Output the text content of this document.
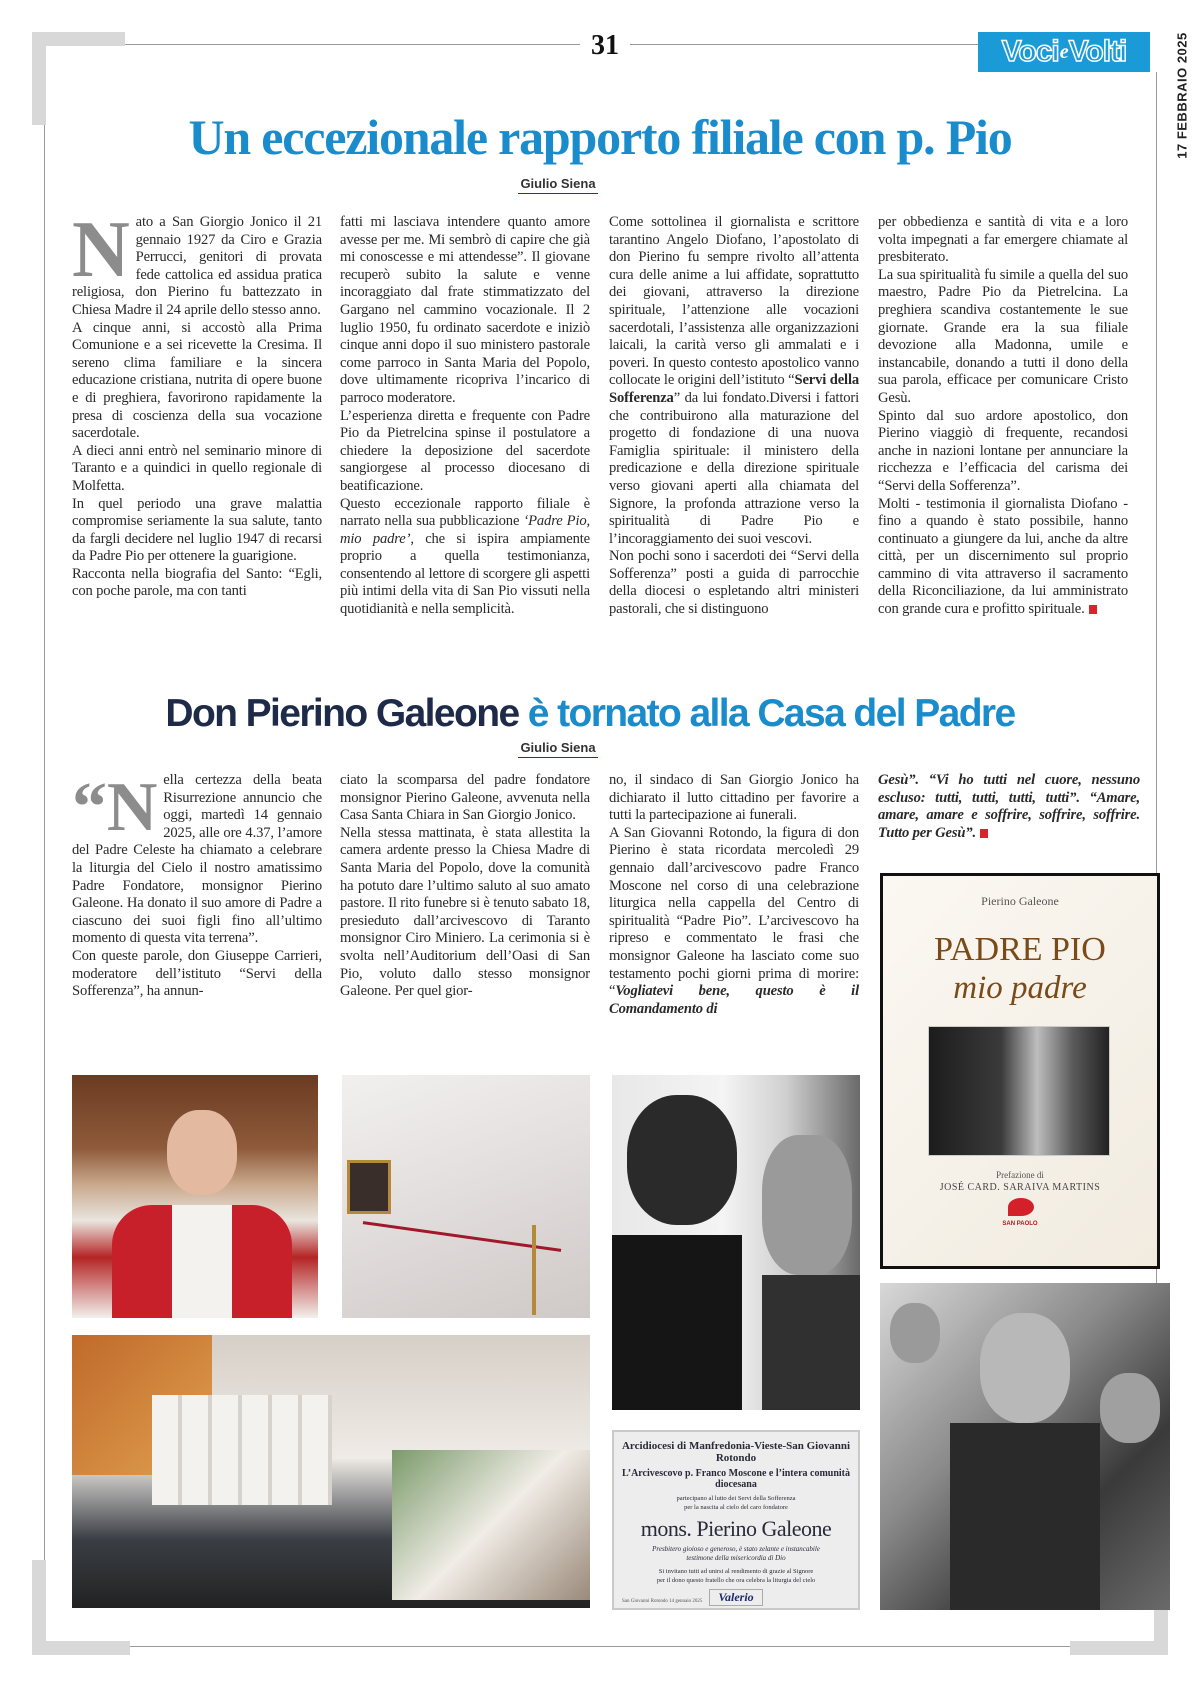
31	Voci e Volti	17 FEBBRAIO 2025
Un eccezionale rapporto filiale con p. Pio
Giulio Siena

Nato a San Giorgio Jonico il 21 gennaio 1927 da Ciro e Grazia Perrucci, genitori di provata fede cattolica ed assidua pratica religiosa, don Pierino fu battezzato in Chiesa Madre il 24 aprile dello stesso anno.

A cinque anni, si accostò alla Prima Comunione e a sei ricevette la Cresima. Il sereno clima familiare e la sincera educazione cristiana, nutrita di opere buone e di preghiera, favorirono rapidamente la presa di coscienza della sua vocazione sacerdotale.

A dieci anni entrò nel seminario minore di Taranto e a quindici in quello regionale di Molfetta.

In quel periodo una grave malattia compromise seriamente la sua salute, tanto da fargli decidere nel luglio 1947 di recarsi da Padre Pio per ottenere la guarigione.

Racconta nella biografia del Santo: “Egli, con poche parole, ma con tanti

fatti mi lasciava intendere quanto amore avesse per me. Mi sembrò di capire che già mi conoscesse e mi attendesse”. Il giovane recuperò subito la salute e venne incoraggiato dal frate stimmatizzato del Gargano nel cammino vocazionale. Il 2 luglio 1950, fu ordinato sacerdote e iniziò cinque anni dopo il suo ministero pastorale come parroco in Santa Maria del Popolo, dove ultimamente ricopriva l’incarico di parroco moderatore.

L’esperienza diretta e frequente con Padre Pio da Pietrelcina spinse il postulatore a chiedere la deposizione del sacerdote sangiorgese al processo diocesano di beatificazione.

Questo eccezionale rapporto filiale è narrato nella sua pubblicazione ‘Padre Pio, mio padre’, che si ispira ampiamente proprio a quella testimonianza, consentendo al lettore di scorgere gli aspetti più intimi della vita di San Pio vissuti nella quotidianità e nella semplicità.

Come sottolinea il giornalista e scrittore tarantino Angelo Diofano, l’apostolato di don Pierino fu sempre rivolto all’attenta cura delle anime a lui affidate, soprattutto dei giovani, attraverso la direzione spirituale, l’attenzione alle vocazioni sacerdotali, l’assistenza alle organizzazioni laicali, la carità verso gli ammalati e i poveri. In questo contesto apostolico vanno collocate le origini dell’istituto “Servi della Sofferenza” da lui fondato.Diversi i fattori che contribuirono alla maturazione del progetto di fondazione di una nuova Famiglia spirituale: il ministero della predicazione e della direzione spirituale verso giovani aperti alla chiamata del Signore, la profonda attrazione verso la spiritualità di Padre Pio e l’incoraggiamento dei suoi vescovi.

Non pochi sono i sacerdoti dei “Servi della Sofferenza” posti a guida di parrocchie della diocesi o espletando altri ministeri pastorali, che si distinguono

per obbedienza e santità di vita e a loro volta impegnati a far emergere chiamate al presbiterato.

La sua spiritualità fu simile a quella del suo maestro, Padre Pio da Pietrelcina. La preghiera scandiva costantemente le sue giornate. Grande era la sua filiale devozione alla Madonna, umile e instancabile, donando a tutti il dono della sua parola, efficace per comunicare Cristo Gesù.

Spinto dal suo ardore apostolico, don Pierino viaggiò di frequente, recandosi anche in nazioni lontane per annunciare la ricchezza e l’efficacia del carisma dei “Servi della Sofferenza”.

Molti - testimonia il giornalista Diofano - fino a quando è stato possibile, hanno continuato a giungere da lui, anche da altre città, per un discernimento sul proprio cammino di vita attraverso il sacramento della Riconciliazione, da lui amministrato con grande cura e profitto spirituale.

Don Pierino Galeone è tornato alla Casa del Padre
Giulio Siena

“Nella certezza della beata Risurrezione annuncio che oggi, martedì 14 gennaio 2025, alle ore 4.37, l’amore del Padre Celeste ha chiamato a celebrare la liturgia del Cielo il nostro amatissimo Padre Fondatore, monsignor Pierino Galeone. Ha donato il suo amore di Padre a ciascuno dei suoi figli fino all’ultimo momento di questa vita terrena”.

Con queste parole, don Giuseppe Carrieri, moderatore dell’istituto “Servi della Sofferenza”, ha annun-

ciato la scomparsa del padre fondatore monsignor Pierino Galeone, avvenuta nella Casa Santa Chiara in San Giorgio Jonico.

Nella stessa mattinata, è stata allestita la camera ardente presso la Chiesa Madre di Santa Maria del Popolo, dove la comunità ha potuto dare l’ultimo saluto al suo amato pastore. Il rito funebre si è tenuto sabato 18, presieduto dall’arcivescovo di Taranto monsignor Ciro Miniero. La cerimonia si è svolta nell’Auditorium dell’Oasi di San Pio, voluto dallo stesso monsignor Galeone. Per quel gior-

no, il sindaco di San Giorgio Jonico ha dichiarato il lutto cittadino per favorire a tutti la partecipazione ai funerali.

A San Giovanni Rotondo, la figura di don Pierino è stata ricordata mercoledì 29 gennaio dall’arcivescovo padre Franco Moscone nel corso di una celebrazione liturgica nella cappella del Centro di spiritualità “Padre Pio”. L’arcivescovo ha ripreso e commentato le frasi che monsignor Galeone ha lasciato come suo testamento pochi giorni prima di morire: “Vogliatevi bene, questo è il Comandamento di

Gesù”. “Vi ho tutti nel cuore, nessuno escluso: tutti, tutti, tutti, tutti”. “Amare, amare, amare e soffrire, soffrire, soffrire. Tutto per Gesù”.

Pierino Galeone
PADRE PIO
mio padre
Prefazione di
JOSÉ CARD. SARAIVA MARTINS
SAN PAOLO
Arcidiocesi di Manfredonia-Vieste-San Giovanni Rotondo
L’Arcivescovo p. Franco Moscone e l’intera comunità diocesana
partecipano al lutto dei Servi della Sofferenza
per la nascita al cielo del caro fondatore
mons. Pierino Galeone
Presbitero gioioso e generoso, è stato zelante e instancabile
testimone della misericordia di Dio
Si invitano tutti ad unirsi al rendimento di grazie al Signore
per il dono questo fratello che ora celebra la liturgia del cielo
Valerio
San Giovanni Rotondo 14 gennaio 2025
